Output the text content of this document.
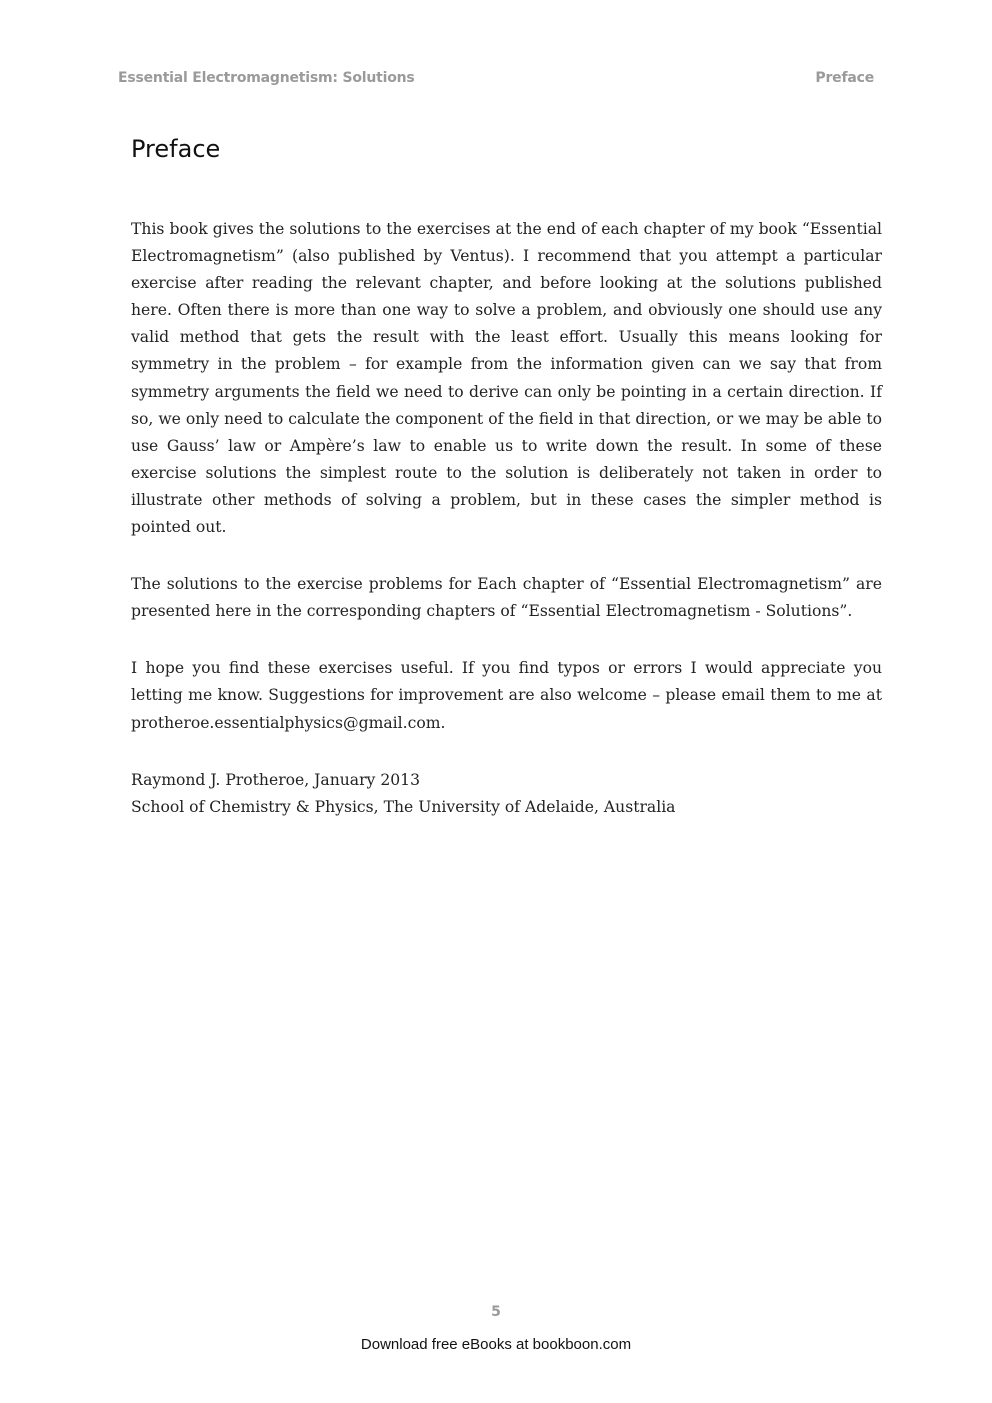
Essential Electromagnetism: Solutions	Preface
Preface

This book gives the solutions to the exercises at the end of each chapter of my book “Essential Electromagnetism” (also published by Ventus). I recommend that you attempt a particular exercise after reading the relevant chapter, and before looking at the solutions published here. Often there is more than one way to solve a problem, and obviously one should use any valid method that gets the result with the least effort. Usually this means looking for symmetry in the problem – for example from the information given can we say that from symmetry arguments the field we need to derive can only be pointing in a certain direction. If so, we only need to calculate the component of the field in that direction, or we may be able to use Gauss’ law or Ampère’s law to enable us to write down the result. In some of these exercise solutions the simplest route to the solution is deliberately not taken in order to illustrate other methods of solving a problem, but in these cases the simpler method is pointed out.

The solutions to the exercise problems for Each chapter of “Essential Electromagnetism” are presented here in the corresponding chapters of “Essential Electromagnetism - Solutions”.

I hope you find these exercises useful. If you find typos or errors I would appreciate you letting me know. Suggestions for improvement are also welcome – please email them to me at protheroe.essentialphysics@gmail.com.

Raymond J. Protheroe, January 2013
School of Chemistry & Physics, The University of Adelaide, Australia

5
Download free eBooks at bookboon.com
